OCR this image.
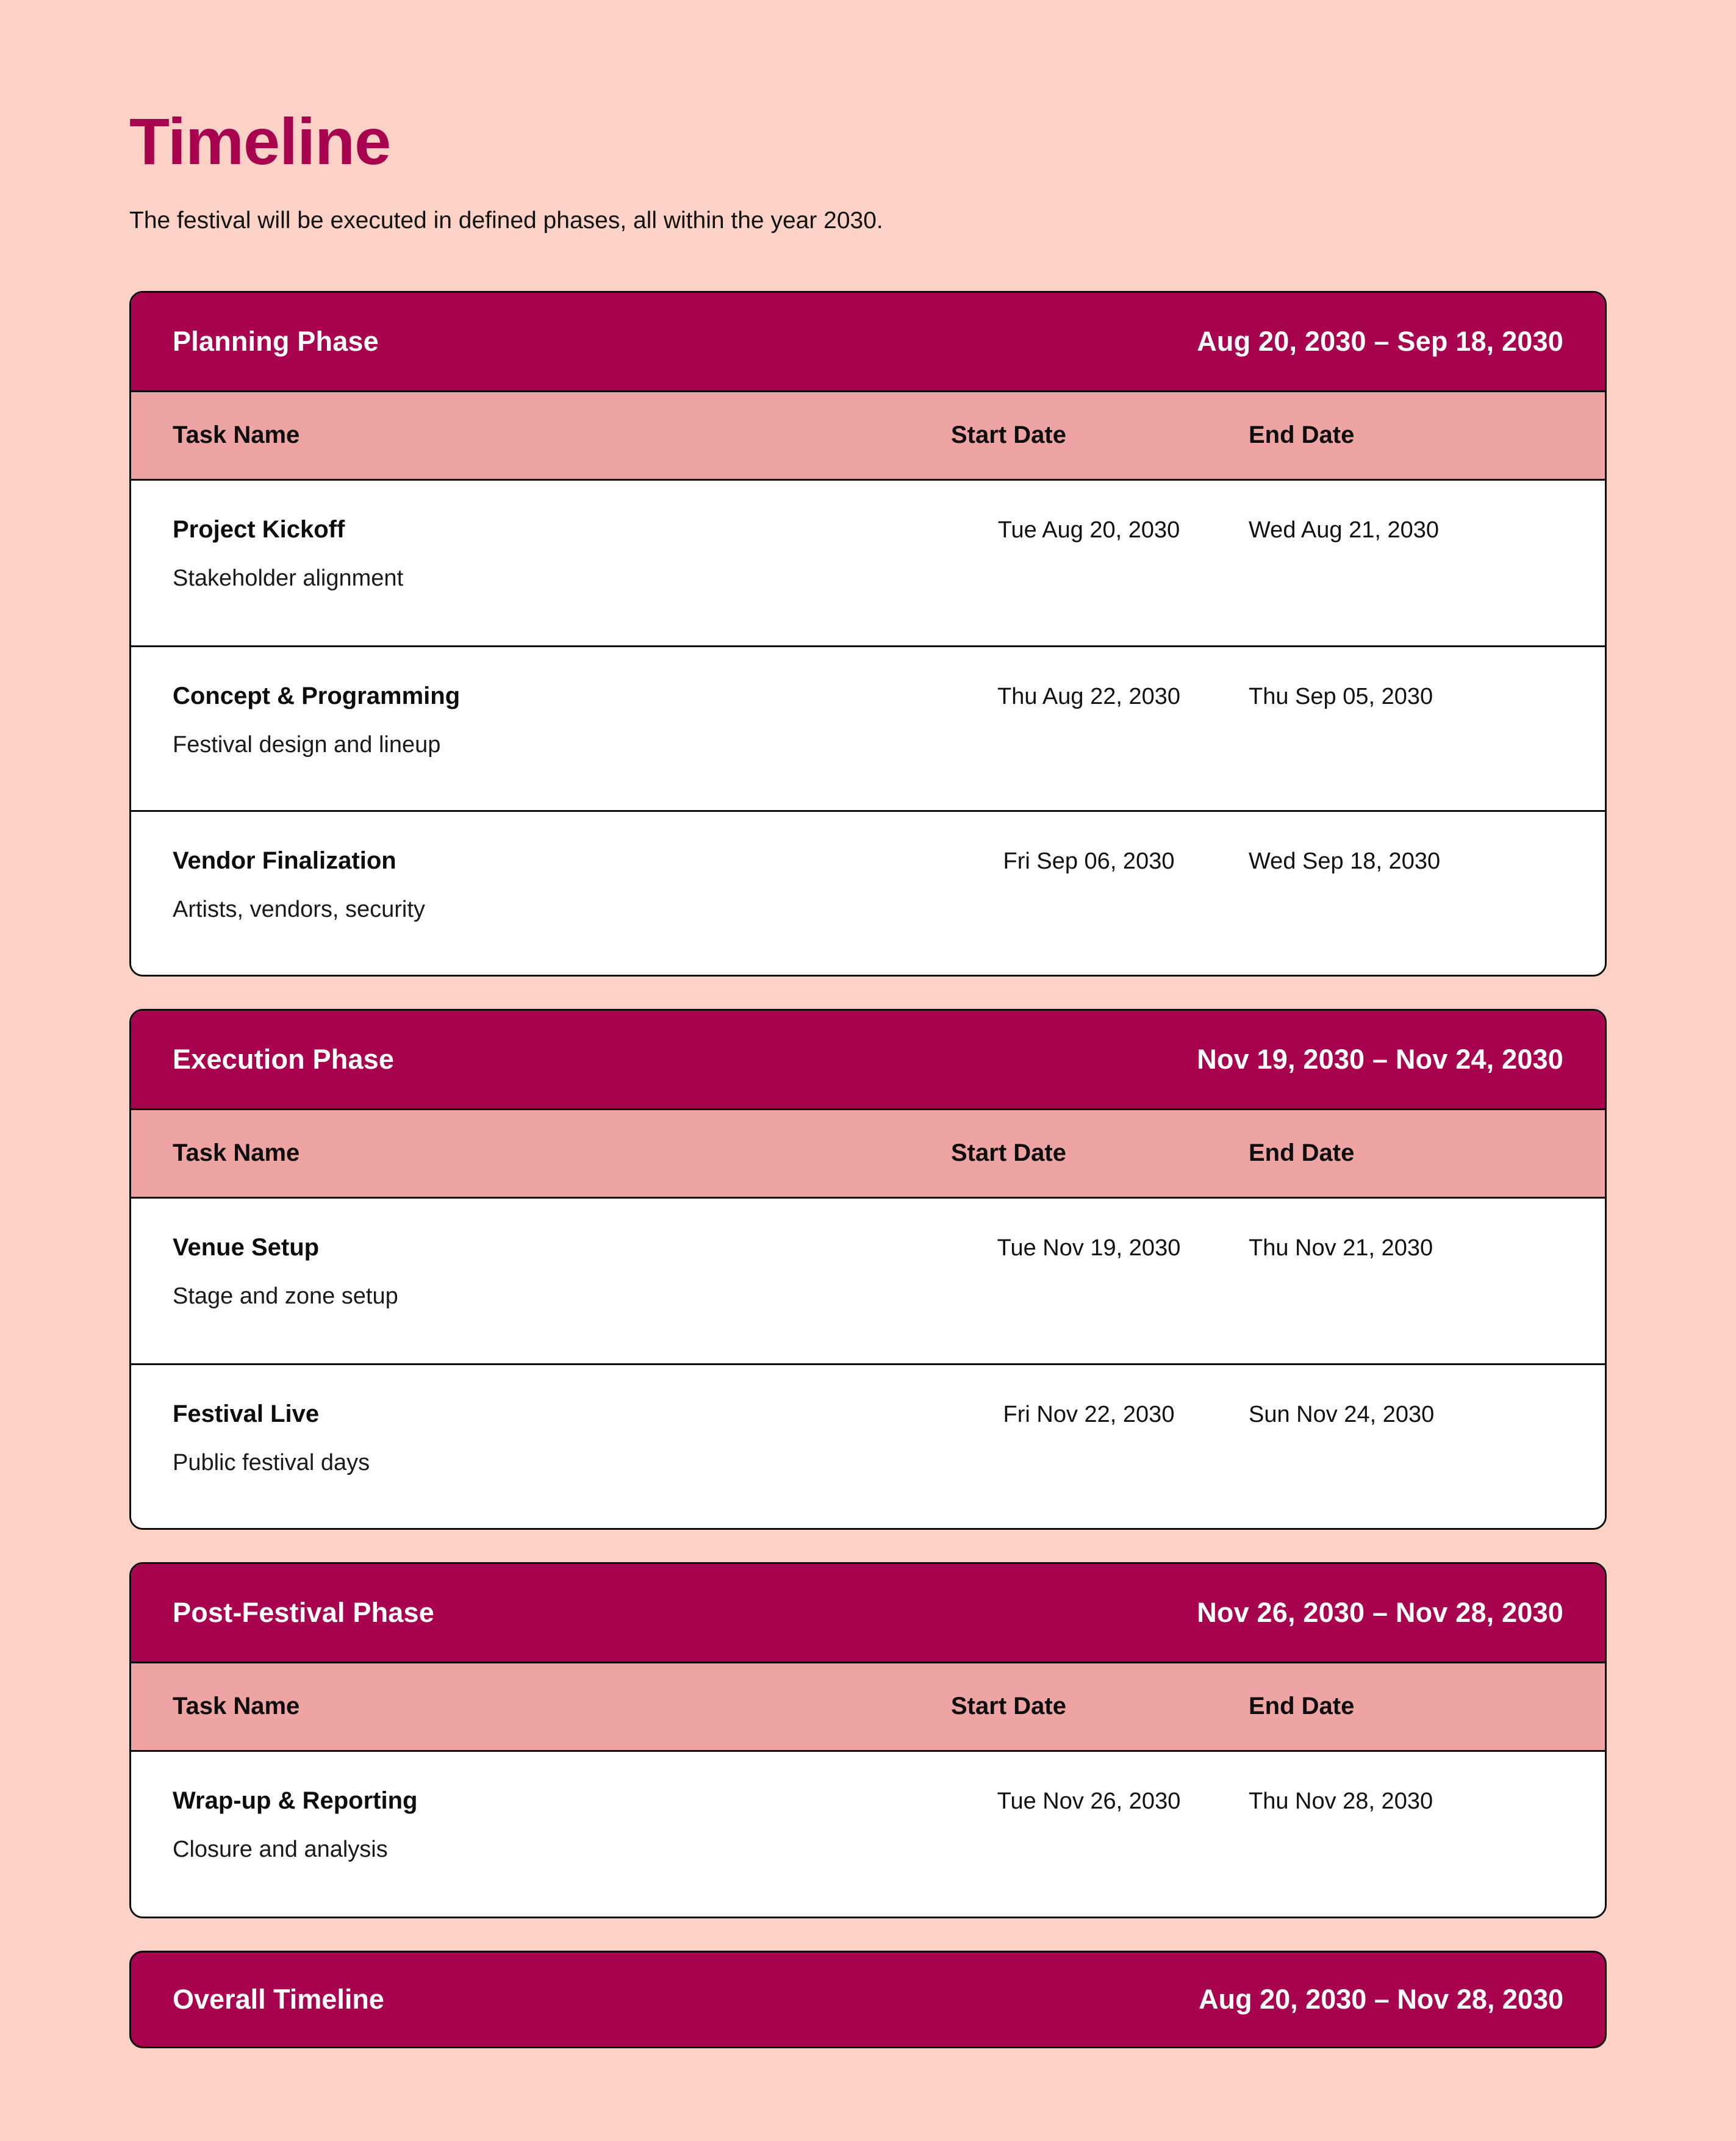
Timeline

The festival will be executed in defined phases, all within the year 2030.

Planning Phase	Aug 20, 2030 – Sep 18, 2030
Task Name	Start Date	End Date
Project Kickoff
Stakeholder alignment
Tue Aug 20, 2030	Wed Aug 21, 2030
Concept & Programming
Festival design and lineup
Thu Aug 22, 2030	Thu Sep 05, 2030
Vendor Finalization
Artists, vendors, security
Fri Sep 06, 2030	Wed Sep 18, 2030
Execution Phase	Nov 19, 2030 – Nov 24, 2030
Task Name	Start Date	End Date
Venue Setup
Stage and zone setup
Tue Nov 19, 2030	Thu Nov 21, 2030
Festival Live
Public festival days
Fri Nov 22, 2030	Sun Nov 24, 2030
Post-Festival Phase	Nov 26, 2030 – Nov 28, 2030
Task Name	Start Date	End Date
Wrap-up & Reporting
Closure and analysis
Tue Nov 26, 2030	Thu Nov 28, 2030
Overall Timeline	Aug 20, 2030 – Nov 28, 2030
